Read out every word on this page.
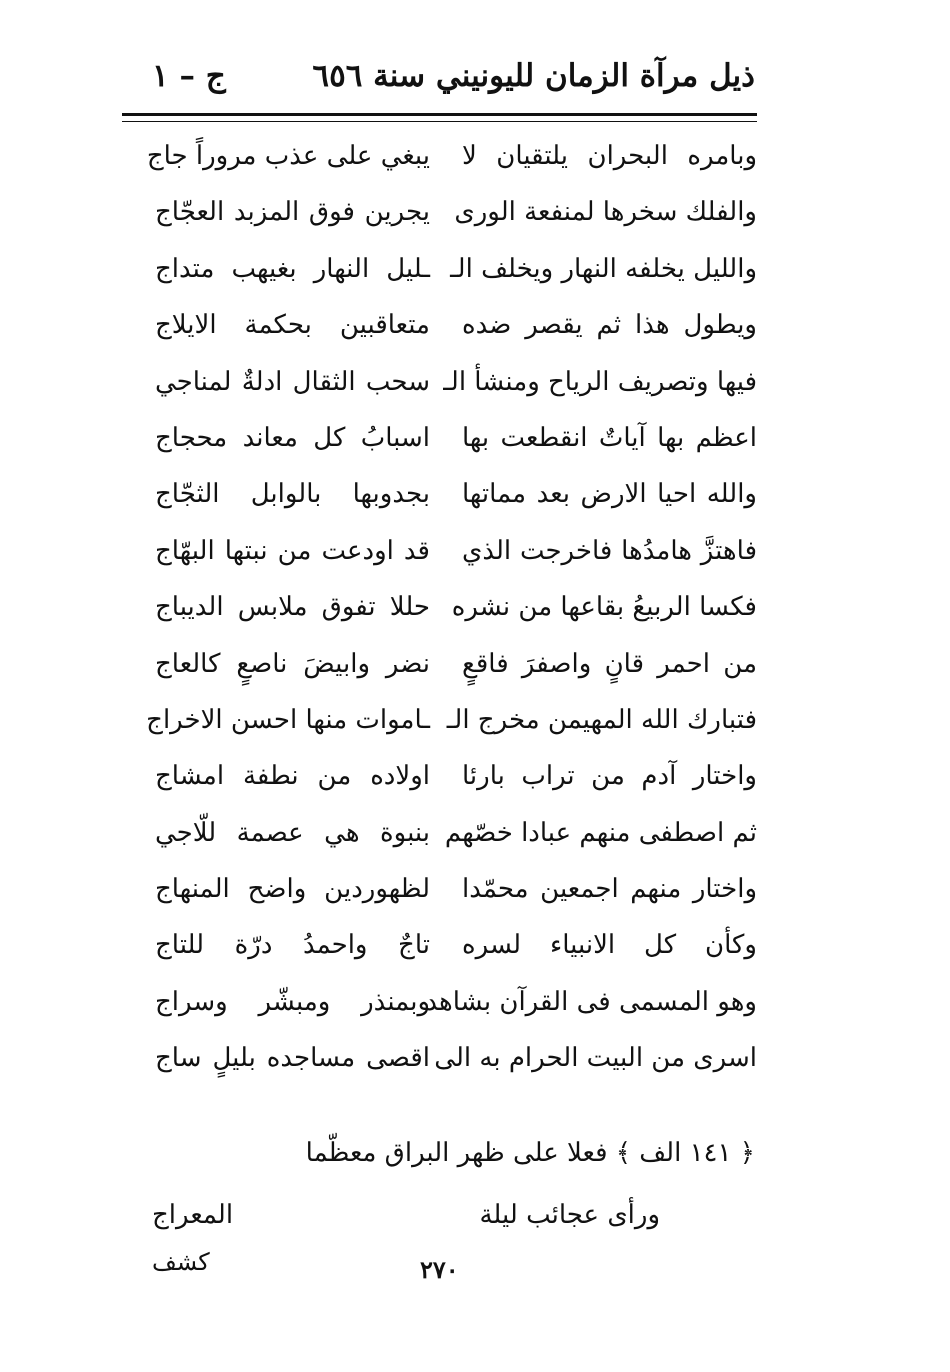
ذيل مرآة الزمان لليونيني سنة ٦٥٦
ج – ١
وبامره البحران يلتقيان لا
يبغي على عذب مروراً جاج
والفلك سخرها لمنفعة الورى
يجرين فوق المزبد العجّاج
والليل يخلفه النهار ويخلف الـ
ـليل النهار بغيهب متداج
ويطول هذا ثم يقصر ضده
متعاقبين بحكمة الايلاج
فيها وتصريف الرياح ومنشأ الـ
سحب الثقال ادلةٌ لمناجي
اعظم بها آياتٌ انقطعت بها
اسبابُ كل معاند محجاج
والله احيا الارض بعد مماتها
بجدوبها بالوابل الثجّاج
فاهتزَّ هامدُها فاخرجت الذي
قد اودعت من نبتها البهّاج
فكسا الربيعُ بقاعها من نشره
حللا تفوق ملابس الديباج
من احمر قانٍ واصفرَ فاقعٍ
نضر وابيضَ ناصعٍ كالعاج
فتبارك الله المهيمن مخرج الـ
ـاموات منها احسن الاخراج
واختار آدم من تراب بارئا
اولاده من نطفة امشاج
ثم اصطفى منهم عبادا خصّهم
بنبوة هي عصمة للّاجي
واختار منهم اجمعين محمّدا
لظهوردين واضح المنهاج
وكأن كل الانبياء لسره
تاجٌ واحمدُ درّة للتاج
وهو المسمى فى القرآن بشاهد
وبمنذر ومبشّر وسراج
اسرى من البيت الحرام به الى
اقصى مساجده بليلٍ ساج
﴿ ١٤١ الف ﴾ فعلا على ظهر البراق معظّما
ورأى عجائب ليلة
المعراج
كشف	٢٧٠
